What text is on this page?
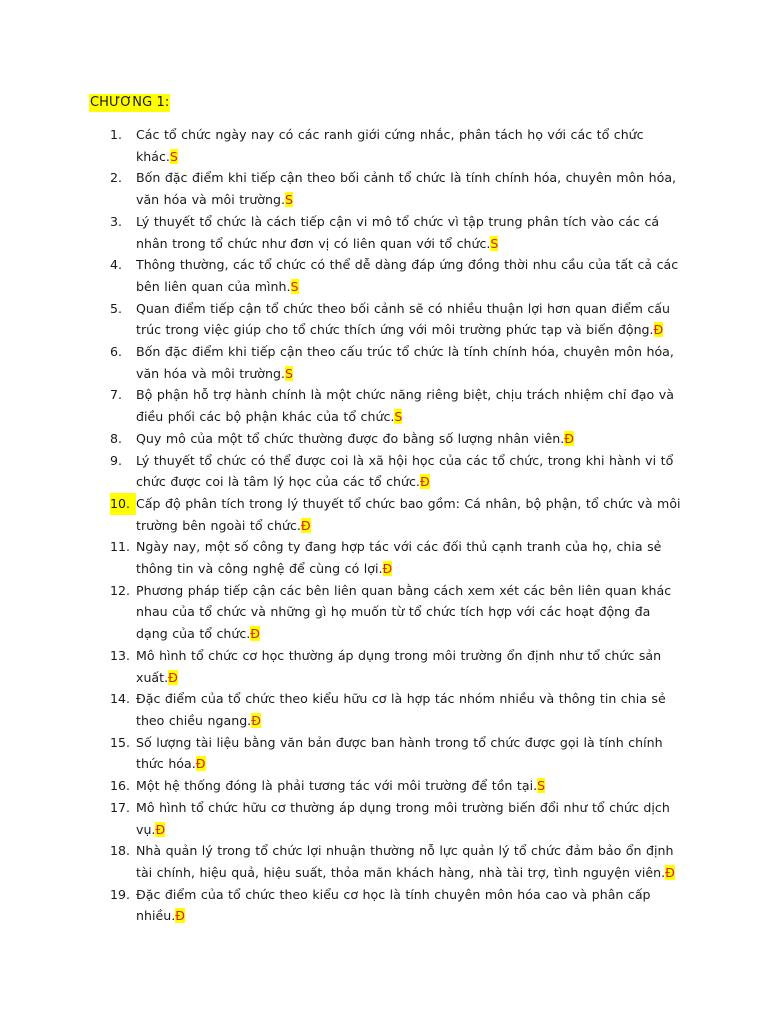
CHƯƠNG 1:
1.	Các tổ chức ngày nay có các ranh giới cứng nhắc, phân tách họ với các tổ chức khác.S
2.	Bốn đặc điểm khi tiếp cận theo bối cảnh tổ chức là tính chính hóa, chuyên môn hóa, văn hóa và môi trường.S
3.	Lý thuyết tổ chức là cách tiếp cận vi mô tổ chức vì tập trung phân tích vào các cá nhân trong tổ chức như đơn vị có liên quan với tổ chức.S
4.	Thông thường, các tổ chức có thể dễ dàng đáp ứng đồng thời nhu cầu của tất cả các bên liên quan của mình.S
5.	Quan điểm tiếp cận tổ chức theo bối cảnh sẽ có nhiều thuận lợi hơn quan điểm cấu trúc trong việc giúp cho tổ chức thích ứng với môi trường phức tạp và biến động.Đ
6.	Bốn đặc điểm khi tiếp cận theo cấu trúc tổ chức là tính chính hóa, chuyên môn hóa, văn hóa và môi trường.S
7.	Bộ phận hỗ trợ hành chính là một chức năng riêng biệt, chịu trách nhiệm chỉ đạo và điều phối các bộ phận khác của tổ chức.S
8.	Quy mô của một tổ chức thường được đo bằng số lượng nhân viên.Đ
9.	Lý thuyết tổ chức có thể được coi là xã hội học của các tổ chức, trong khi hành vi tổ chức được coi là tâm lý học của các tổ chức.Đ
10. Cấp độ phân tích trong lý thuyết tổ chức bao gồm: Cá nhân, bộ phận, tổ chức và môi trường bên ngoài tổ chức.Đ
11. Ngày nay, một số công ty đang hợp tác với các đối thủ cạnh tranh của họ, chia sẻ thông tin và công nghệ để cùng có lợi.Đ
12. Phương pháp tiếp cận các bên liên quan bằng cách xem xét các bên liên quan khác nhau của tổ chức và những gì họ muốn từ tổ chức tích hợp với các hoạt động đa dạng của tổ chức.Đ
13. Mô hình tổ chức cơ học thường áp dụng trong môi trường ổn định như tổ chức sản xuất.Đ
14. Đặc điểm của tổ chức theo kiểu hữu cơ là hợp tác nhóm nhiều và thông tin chia sẻ theo chiều ngang.Đ
15. Số lượng tài liệu bằng văn bản được ban hành trong tổ chức được gọi là tính chính thức hóa.Đ
16. Một hệ thống đóng là phải tương tác với môi trường để tồn tại.S
17. Mô hình tổ chức hữu cơ thường áp dụng trong môi trường biến đổi như tổ chức dịch vụ.Đ
18. Nhà quản lý trong tổ chức lợi nhuận thường nỗ lực quản lý tổ chức đảm bảo ổn định tài chính, hiệu quả, hiệu suất, thỏa mãn khách hàng, nhà tài trợ, tình nguyện viên.Đ
19. Đặc điểm của tổ chức theo kiểu cơ học là tính chuyên môn hóa cao và phân cấp nhiều.Đ
